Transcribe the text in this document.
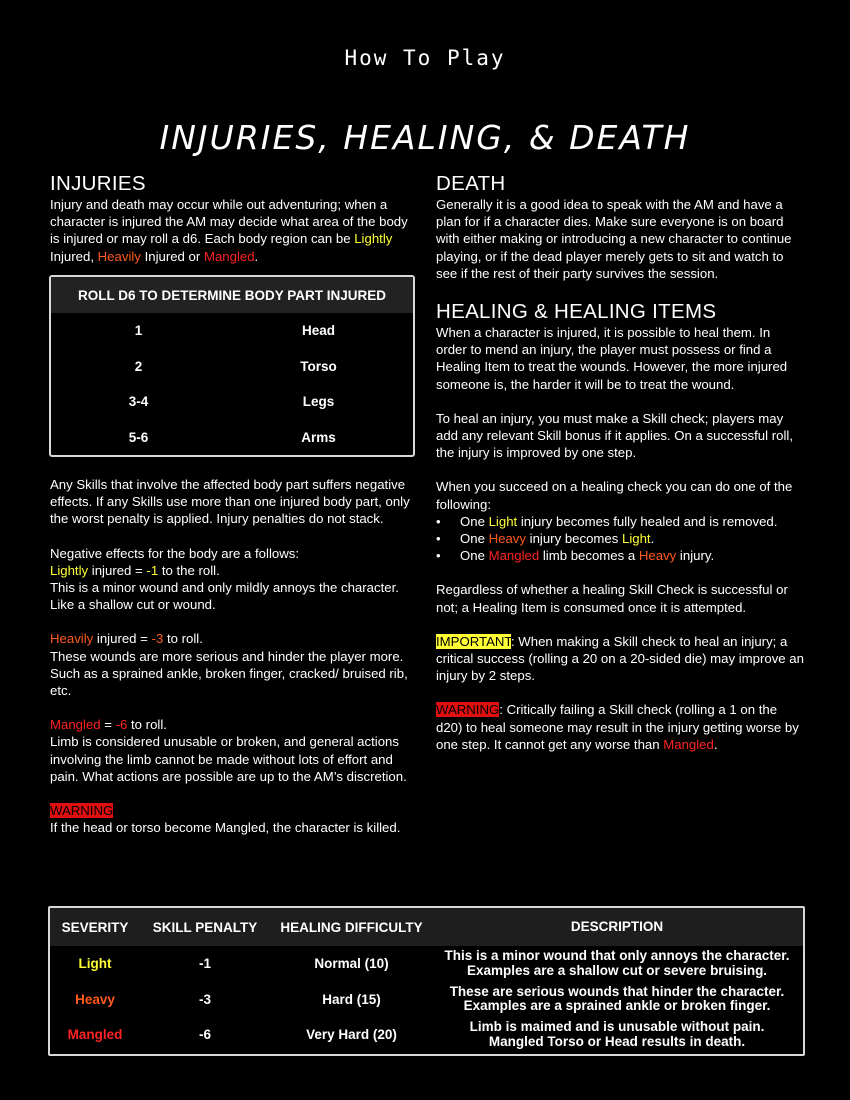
How To Play
INJURIES, HEALING, & DEATH
INJURIES

Injury and death may occur while out adventuring; when a character is injured the AM may decide what area of the body is injured or may roll a d6. Each body region can be Lightly Injured, Heavily Injured or Mangled.

ROLL D6 TO DETERMINE BODY PART INJURED
1	Head
2	Torso
3-4	Legs
5-6	Arms

Any Skills that involve the affected body part suffers negative effects. If any Skills use more than one injured body part, only the worst penalty is applied. Injury penalties do not stack.

Negative effects for the body are a follows:

Lightly injured = -1 to the roll.

This is a minor wound and only mildly annoys the character. Like a shallow cut or wound.

Heavily injured = -3 to roll.

These wounds are more serious and hinder the player more. Such as a sprained ankle, broken finger, cracked/ bruised rib, etc.

Mangled = -6 to roll.

Limb is considered unusable or broken, and general actions involving the limb cannot be made without lots of effort and pain. What actions are possible are up to the AM’s discretion.

WARNING

If the head or torso become Mangled, the character is killed.

DEATH

Generally it is a good idea to speak with the AM and have a plan for if a character dies. Make sure everyone is on board with either making or introducing a new character to continue playing, or if the dead player merely gets to sit and watch to see if the rest of their party survives the session.

HEALING & HEALING ITEMS

When a character is injured, it is possible to heal them. In order to mend an injury, the player must possess or find a Healing Item to treat the wounds. However, the more injured someone is, the harder it will be to treat the wound.

To heal an injury, you must make a Skill check; players may add any relevant Skill bonus if it applies. On a successful roll, the injury is improved by one step.

When you succeed on a healing check you can do one of the following:

• One Light injury becomes fully healed and is removed.
• One Heavy injury becomes Light.
• One Mangled limb becomes a Heavy injury.

Regardless of whether a healing Skill Check is successful or not; a Healing Item is consumed once it is attempted.

IMPORTANT: When making a Skill check to heal an injury; a critical success (rolling a 20 on a 20-sided die) may improve an injury by 2 steps.

WARNING: Critically failing a Skill check (rolling a 1 on the d20) to heal someone may result in the injury getting worse by one step. It cannot get any worse than Mangled.

SEVERITY	SKILL PENALTY	HEALING DIFFICULTY	DESCRIPTION
Light	-1	Normal (10)
This is a minor wound that only annoys the character.
Examples are a shallow cut or severe bruising.
Heavy	-3	Hard (15)
These are serious wounds that hinder the character.
Examples are a sprained ankle or broken finger.
Mangled	-6	Very Hard (20)
Limb is maimed and is unusable without pain.
Mangled Torso or Head results in death.
